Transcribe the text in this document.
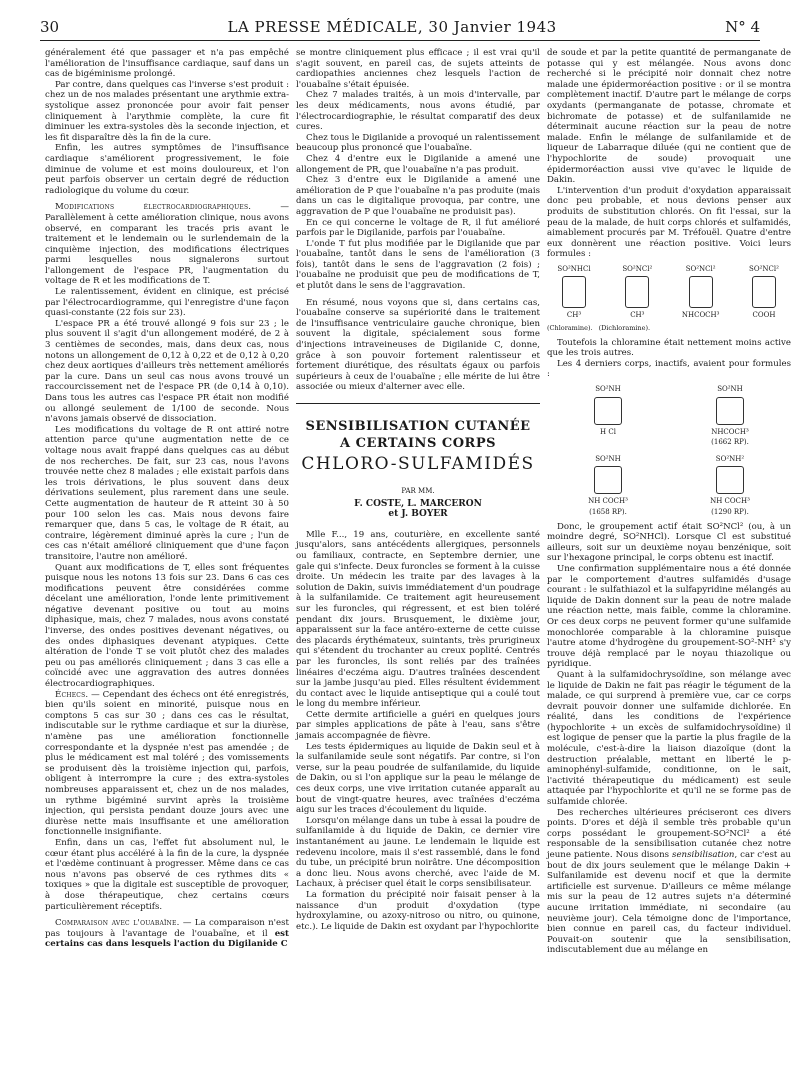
30	LA PRESSE MÉDICALE, 30 Janvier 1943	N° 4

généralement été que passager et n'a pas empêché l'amélioration de l'insuffisance cardiaque, sauf dans un cas de bigéminisme prolongé.

Par contre, dans quelques cas l'inverse s'est produit : chez un de nos malades présentant une arythmie extra-systolique assez prononcée pour avoir fait penser cliniquement à l'arythmie complète, la cure fit diminuer les extra-systoles dès la seconde injection, et les fit disparaître dès la fin de la cure.

Enfin, les autres symptômes de l'insuffisance cardiaque s'améliorent progressivement, le foie diminue de volume et est moins douloureux, et l'on peut parfois observer un certain degré de réduction radiologique du volume du cœur.

Modifications électrocardiographiques.	— Parallèlement à cette amélioration clinique, nous avons observé, en comparant les tracés pris avant le traitement et le lendemain ou le surlendemain de la cinquième injection, des modifications électriques parmi lesquelles nous signalerons surtout l'allongement de l'espace PR, l'augmentation du voltage de R et les modifications de T.

Le ralentissement, évident en clinique, est précisé par l'électrocardiogramme, qui l'enregistre d'une façon quasi-constante (22 fois sur 23).

L'espace PR a été trouvé allongé 9 fois sur 23 ; le plus souvent il s'agit d'un allongement modéré, de 2 à 3 centièmes de secondes, mais, dans deux cas, nous notons un allongement de 0,12 à 0,22 et de 0,12 à 0,20 chez deux aortiques d'ailleurs très nettement améliorés par la cure. Dans un seul cas nous avons trouvé un raccourcissement net de l'espace PR (de 0,14 à 0,10). Dans tous les autres cas l'espace PR était non modifié ou allongé seulement de 1/100 de seconde. Nous n'avons jamais observé de dissociation.

Les modifications du voltage de R ont attiré notre attention parce qu'une augmentation nette de ce voltage nous avait frappé dans quelques cas au début de nos recherches. De fait, sur 23 cas, nous l'avons trouvée nette chez 8 malades ; elle existait parfois dans les trois dérivations, le plus souvent dans deux dérivations seulement, plus rarement dans une seule. Cette augmentation de hauteur de R atteint 30 à 50 pour 100 selon les cas. Mais nous devons faire remarquer que, dans 5 cas, le voltage de R était, au contraire, légèrement diminué après la cure ; l'un de ces cas n'était amélioré cliniquement que d'une façon transitoire, l'autre non amélioré.

Quant aux modifications de T, elles sont fréquentes puisque nous les notons 13 fois sur 23. Dans 6 cas ces modifications peuvent être considérées comme décelant une amélioration, l'onde lente primitivement négative devenant positive ou tout au moins diphasique, mais, chez 7 malades, nous avons constaté l'inverse, des ondes positives devenant négatives, ou des ondes diphasiques devenant atypiques. Cette altération de l'onde T se voit plutôt chez des malades peu ou pas améliorés cliniquement ; dans 3 cas elle a coïncidé avec une aggravation des autres données électrocardiographiques.

Échecs. — Cependant des échecs ont été enregistrés, bien qu'ils soient en minorité, puisque nous en comptons 5 cas sur 30 ; dans ces cas le résultat, indiscutable sur le rythme cardiaque et sur la diurèse, n'amène pas une amélioration fonctionnelle correspondante et la dyspnée n'est pas amendée ; de plus le médicament est mal toléré ; des vomissements se produisent dès la troisième injection qui, parfois, obligent à interrompre la cure ; des extra-systoles nombreuses apparaissent et, chez un de nos malades, un rythme bigéminé survint après la troisième injection, qui persista pendant douze jours avec une diurèse nette mais insuffisante et une amélioration fonctionnelle insignifiante.

Enfin, dans un cas, l'effet fut absolument nul, le cœur étant plus accéléré à la fin de la cure, la dyspnée et l'œdème continuant à progresser. Même dans ce cas nous n'avons pas observé de ces rythmes dits « toxiques » que la digitale est susceptible de provoquer, à dose thérapeutique, chez certains cœurs particulièrement réceptifs.

Comparaison avec l'ouabaïne. — La comparaison n'est pas toujours à l'avantage de l'ouabaïne, et il est certains cas dans lesquels l'action du Digilanide C

se montre cliniquement plus efficace ; il est vrai qu'il s'agit souvent, en pareil cas, de sujets atteints de cardiopathies anciennes chez lesquels l'action de l'ouabaïne s'était épuisée.

Chez 7 malades traités, à un mois d'intervalle, par les deux médicaments, nous avons étudié, par l'électrocardiographie, le résultat comparatif des deux cures.

Chez tous le Digilanide a provoqué un ralentissement beaucoup plus prononcé que l'ouabaïne.

Chez 4 d'entre eux le Digilanide a amené une allongement de PR, que l'ouabaïne n'a pas produit.

Chez 3 d'entre eux le Digilanide a amené une amélioration de P que l'ouabaïne n'a pas produite (mais dans un cas le digitalique provoqua, par contre, une aggravation de P que l'ouabaïne ne produisit pas).

En ce qui concerne le voltage de R, il fut amélioré parfois par le Digilanide, parfois par l'ouabaïne.

L'onde T fut plus modifiée par le Digilanide que par l'ouabaïne, tantôt dans le sens de l'amélioration (3 fois), tantôt dans le sens de l'aggravation (2 fois) ; l'ouabaïne ne produisit que peu de modifications de T, et plutôt dans le sens de l'aggravation.

En résumé, nous voyons que si, dans certains cas, l'ouabaïne conserve sa supériorité dans le traitement de l'insuffisance ventriculaire gauche chronique, bien souvent la digitale, spécialement sous forme d'injections intraveineuses de Digilanide C, donne, grâce à son pouvoir fortement ralentisseur et fortement diurétique, des résultats égaux ou parfois supérieurs à ceux de l'ouabaïne ; elle mérite de lui être associée ou mieux d'alterner avec elle.

SENSIBILISATION CUTANÉE
A CERTAINS CORPS
CHLORO-SULFAMIDÉS
PAR MM.
F. COSTE, L. MARCERON
et J. BOYER

Mlle F..., 19 ans, couturière, en excellente santé jusqu'alors, sans antécédents allergiques, personnels ou familiaux, contracte, en Septembre dernier, une gale qui s'infecte. Deux furoncles se forment à la cuisse droite. Un médecin les traite par des lavages à la solution de Dakin, suivis immédiatement d'un poudrage à la sulfanilamide. Ce traitement agit heureusement sur les furoncles, qui régressent, et est bien toléré pendant dix jours. Brusquement, le dixième jour, apparaissent sur la face antéro-externe de cette cuisse des placards érythémateux, suintants, très prurigineux qui s'étendent du trochanter au creux poplité. Centrés par les furoncles, ils sont reliés par des traînées linéaires d'eczéma aigu. D'autres traînées descendent sur la jambe jusqu'au pied. Elles résultent évidemment du contact avec le liquide antiseptique qui a coulé tout le long du membre inférieur.

Cette dermite artificielle a guéri en quelques jours par simples applications de pâte à l'eau, sans s'être jamais accompagnée de fièvre.

Les tests épidermiques au liquide de Dakin seul et à la sulfanilamide seule sont négatifs. Par contre, si l'on verse, sur la peau poudrée de sulfanilamide, du liquide de Dakin, ou si l'on applique sur la peau le mélange de ces deux corps, une vive irritation cutanée apparaît au bout de vingt-quatre heures, avec traînées d'eczéma aigu sur les traces d'écoulement du liquide.

Lorsqu'on mélange dans un tube à essai la poudre de sulfanilamide à du liquide de Dakin, ce dernier vire instantanément au jaune. Le lendemain le liquide est redevenu incolore, mais il s'est rassemblé, dans le fond du tube, un précipité brun noirâtre. Une décomposition a donc lieu. Nous avons cherché, avec l'aide de M. Lachaux, à préciser quel était le corps sensibilisateur.

La formation du précipité noir faisait penser à la naissance d'un produit d'oxydation (type hydroxylamine, ou azoxy-nitroso ou nitro, ou quinone, etc.). Le liquide de Dakin est oxydant par l'hypochlorite

de soude et par la petite quantité de permanganate de potasse qui y est mélangée. Nous avons donc recherché si le précipité noir donnait chez notre malade une épidermoréaction positive : or il se montra complètement inactif. D'autre part le mélange de corps oxydants (permanganate de potasse, chromate et bichromate de potasse) et de sulfanilamide ne déterminait aucune réaction sur la peau de notre malade. Enfin le mélange de sulfanilamide et de liqueur de Labarraque diluée (qui ne contient que de l'hypochlorite de soude) provoquait une épidermoréaction aussi vive qu'avec le liquide de Dakin.

L'intervention d'un produit d'oxydation apparaissait donc peu probable, et nous devions penser aux produits de substitution chlorés. On fit l'essai, sur la peau de la malade, de huit corps chlorés et sulfamidés, aimablement procurés par M. Tréfouël. Quatre d'entre eux donnèrent une réaction positive. Voici leurs formules :

SO²NHCl
CH³
SO²NCl²
CH³
SO²NCl²
NHCOCH³
SO²NCl²
COOH
(Chloramine). (Dichloramine).

Toutefois la chloramine était nettement moins active que les trois autres.

Les 4 derniers corps, inactifs, avaient pour formules :

SO²NH
H Cl
SO²NH
NHCOCH³
(1662 RP).
SO²NH
NH COCH³
(1658 RP).
SO²NH²
NH COCH³
(1290 RP).

Donc, le groupement actif était SO²NCl² (ou, à un moindre degré, SO²NHCl). Lorsque Cl est substitué ailleurs, soit sur un deuxième noyau benzénique, soit sur l'hexagone principal, le corps obtenu est inactif.

Une confirmation supplémentaire nous a été donnée par le comportement d'autres sulfamidés d'usage courant : le sulfathiazol et la sulfapyridine mélangés au liquide de Dakin donnent sur la peau de notre malade une réaction nette, mais faible, comme la chloramine. Or ces deux corps ne peuvent former qu'une sulfamide monochlorée comparable à la chloramine puisque l'autre atome d'hydrogène du groupement-SO²-NH² s'y trouve déjà remplacé par le noyau thiazolique ou pyridique.

Quant à la sulfamidochrysoïdine, son mélange avec le liquide de Dakin ne fait pas réagir le tégument de la malade, ce qui surprend à première vue, car ce corps devrait pouvoir donner une sulfamide dichlorée. En réalité, dans les conditions de l'expérience (hypochlorite + un excès de sulfamidochrysoïdine) il est logique de penser que la partie la plus fragile de la molécule, c'est-à-dire la liaison diazoïque (dont la destruction préalable, mettant en liberté le p-aminophényl-sulfamide, conditionne, on le sait, l'activité thérapeutique du médicament) est seule attaquée par l'hypochlorite et qu'il ne se forme pas de sulfamide chlorée.

Des recherches ultérieures préciseront ces divers points. D'ores et déjà il semble très probable qu'un corps possédant le groupement-SO²NCl² a été responsable de la sensibilisation cutanée chez notre jeune patiente. Nous disons sensibilisation, car c'est au bout de dix jours seulement que le mélange Dakin + Sulfanilamide est devenu nocif et que la dermite artificielle est survenue. D'ailleurs ce même mélange mis sur la peau de 12 autres sujets n'a déterminé aucune irritation immédiate, ni secondaire (au neuvième jour). Cela témoigne donc de l'importance, bien connue en pareil cas, du facteur individuel. Pouvait-on soutenir que la sensibilisation, indiscutablement due au mélange en
